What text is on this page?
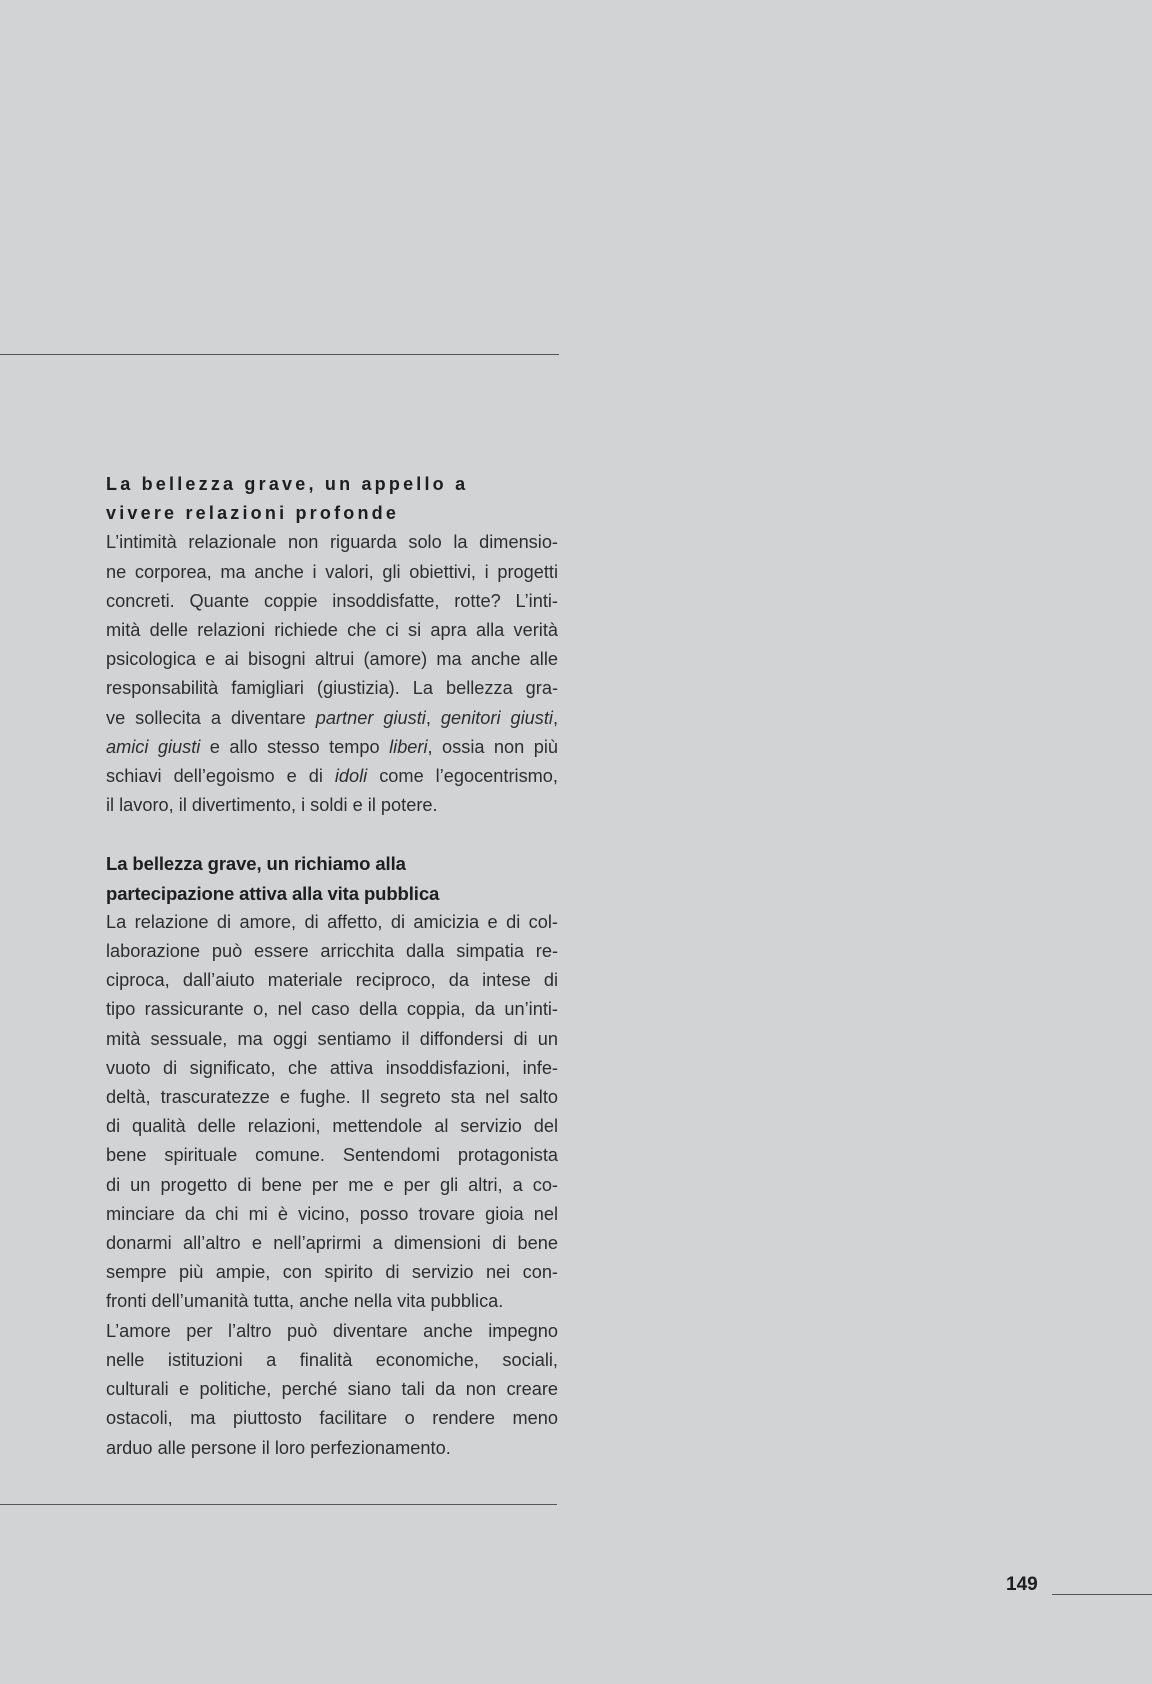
La bellezza grave, un appello a
vivere relazioni profonde

L’intimità relazionale non riguarda solo la dimensio-
ne corporea, ma anche i valori, gli obiettivi, i progetti
concreti. Quante coppie insoddisfatte, rotte? L’inti-
mità delle relazioni richiede che ci si apra alla verità
psicologica e ai bisogni altrui (amore) ma anche alle
responsabilità famigliari (giustizia). La bellezza gra-
ve sollecita a diventare partner giusti, genitori giusti,
amici giusti e allo stesso tempo liberi, ossia non più
schiavi dell’egoismo e di idoli come l’egocentrismo,
il lavoro, il divertimento, i soldi e il potere.

La bellezza grave, un richiamo alla
partecipazione attiva alla vita pubblica

La relazione di amore, di affetto, di amicizia e di col-
laborazione può essere arricchita dalla simpatia re-
ciproca, dall’aiuto materiale reciproco, da intese di
tipo rassicurante o, nel caso della coppia, da un’inti-
mità sessuale, ma oggi sentiamo il diffondersi di un
vuoto di significato, che attiva insoddisfazioni, infe-
deltà, trascuratezze e fughe. Il segreto sta nel salto
di qualità delle relazioni, mettendole al servizio del
bene spirituale comune. Sentendomi protagonista
di un progetto di bene per me e per gli altri, a co-
minciare da chi mi è vicino, posso trovare gioia nel
donarmi all’altro e nell’aprirmi a dimensioni di bene
sempre più ampie, con spirito di servizio nei con-
fronti dell’umanità tutta, anche nella vita pubblica.
L’amore per l’altro può diventare anche impegno
nelle istituzioni a finalità economiche, sociali,
culturali e politiche, perché siano tali da non creare
ostacoli, ma piuttosto facilitare o rendere meno
arduo alle persone il loro perfezionamento.

149
